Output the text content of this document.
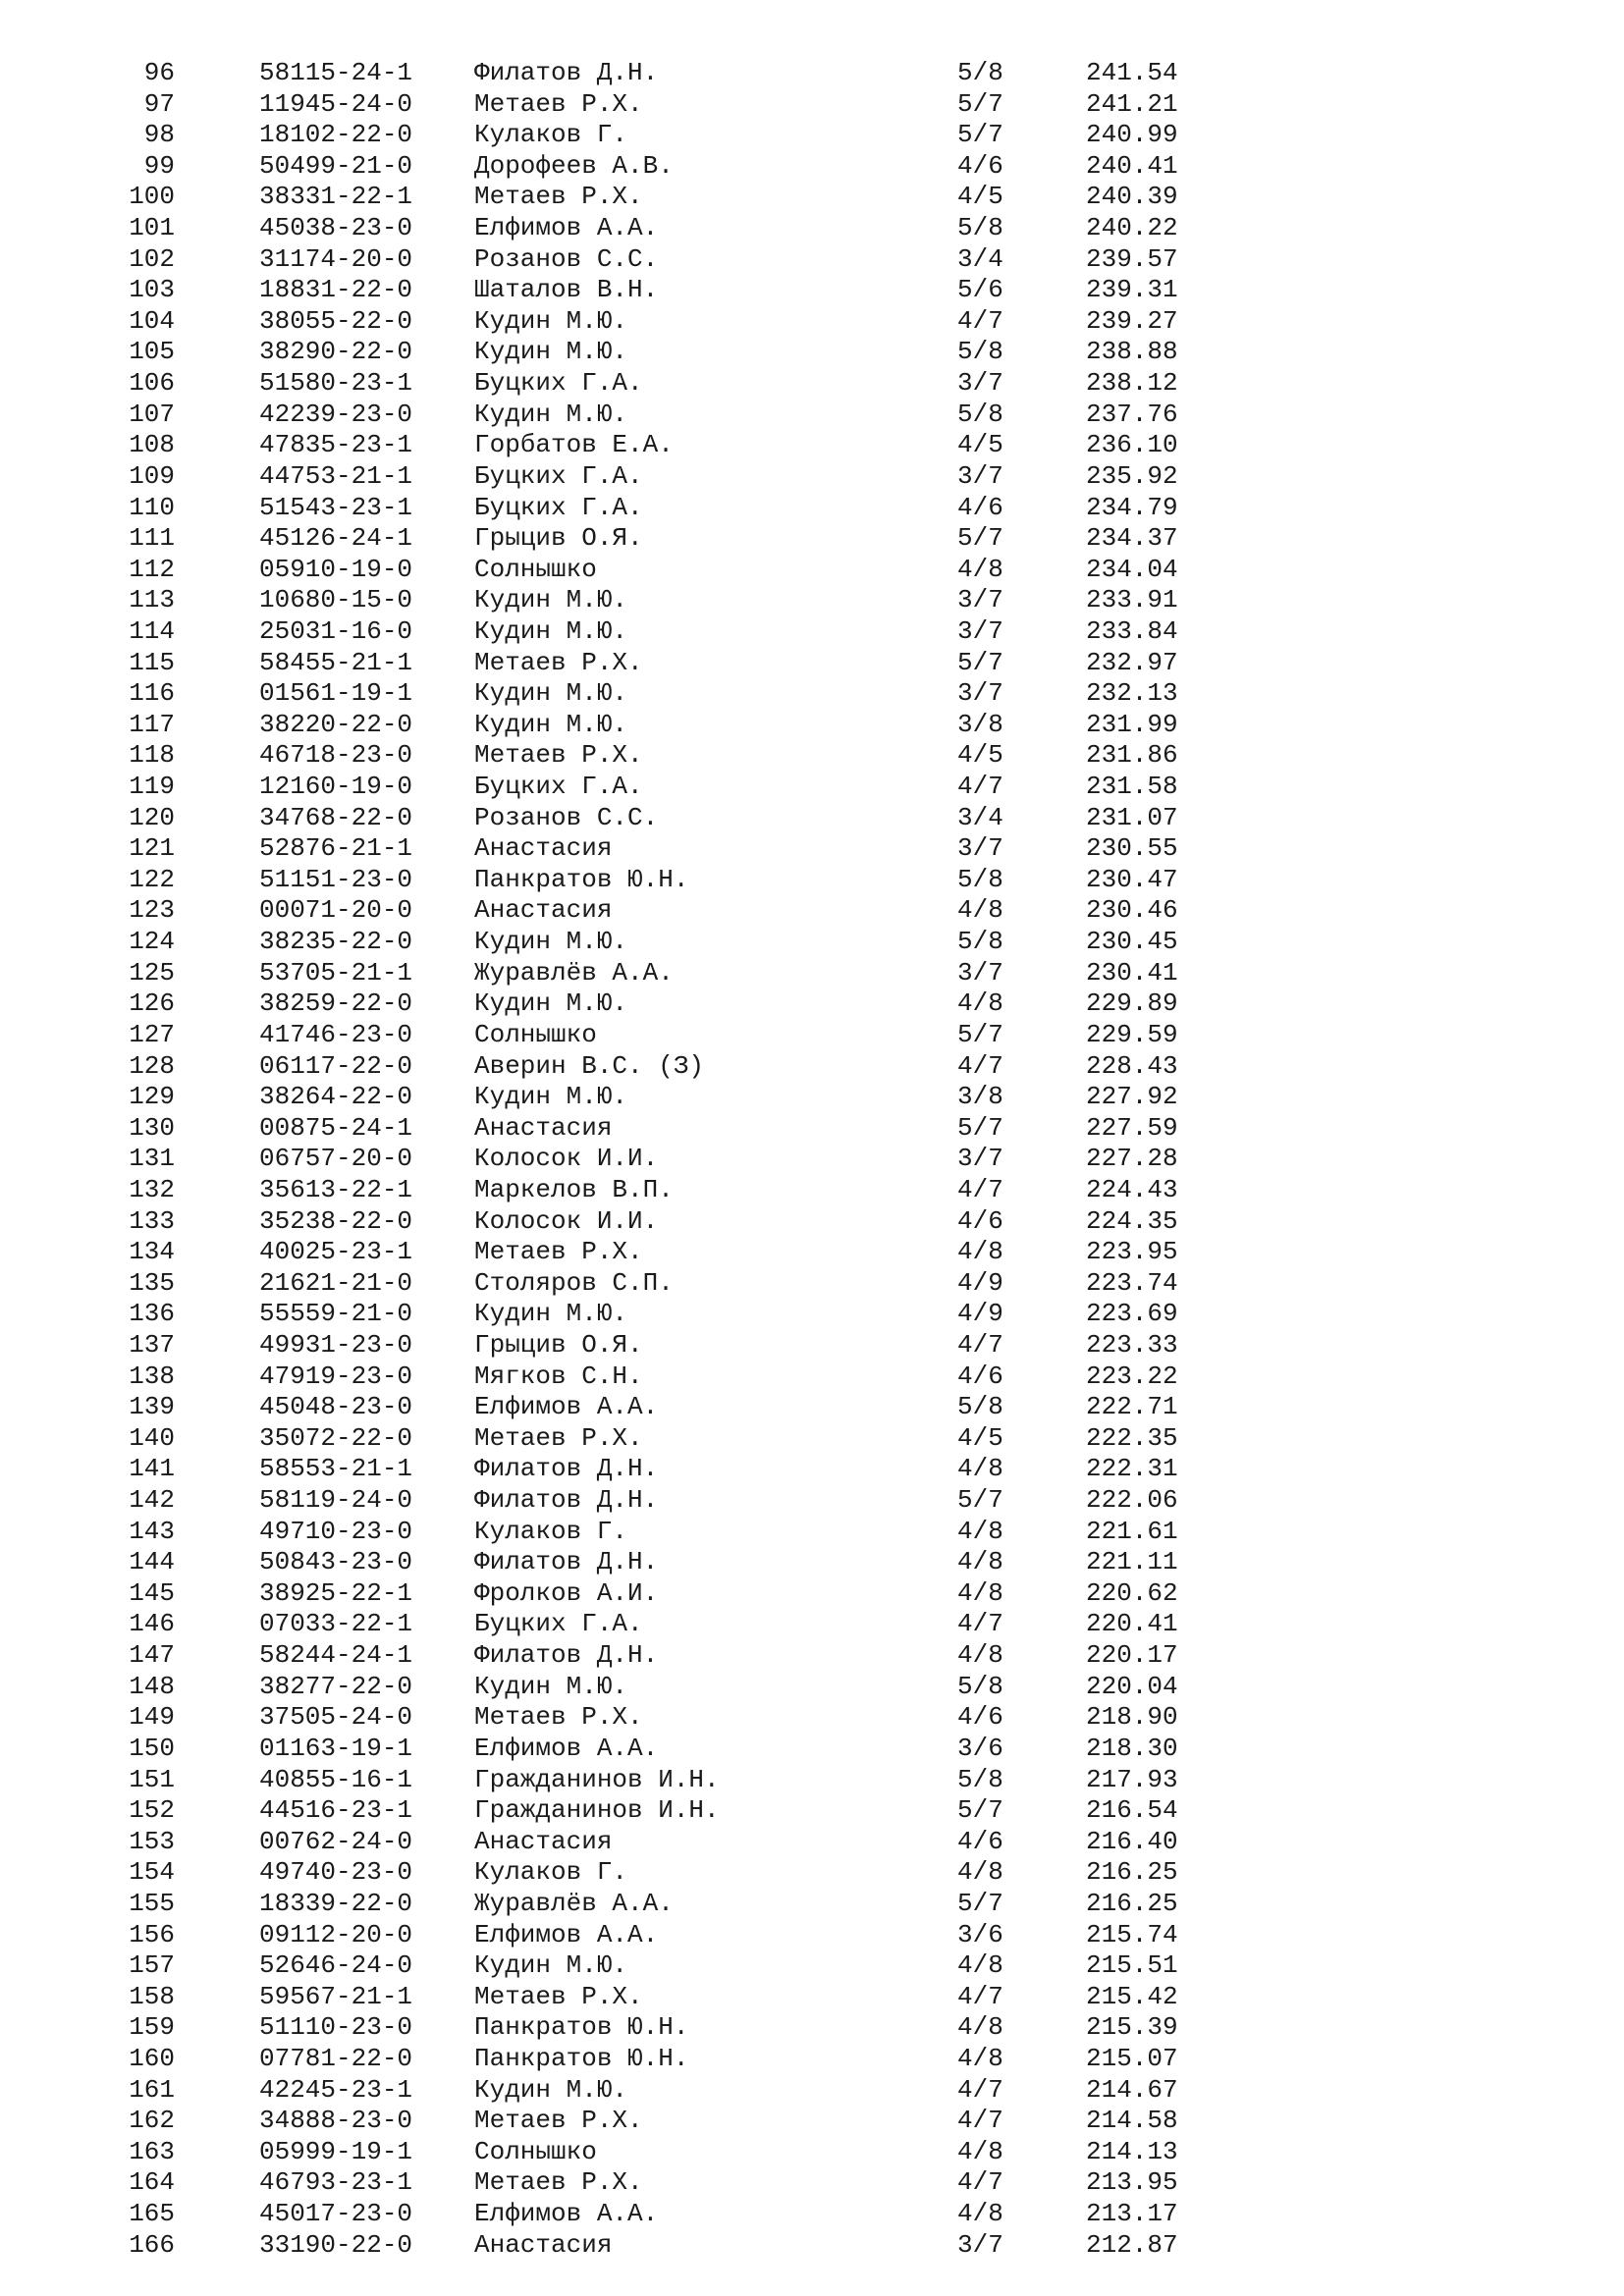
96	58115-24-1 Филатов Д.Н.	5/8	241.54
97	11945-24-0 Метаев Р.Х.	5/7	241.21
98	18102-22-0 Кулаков Г.	5/7	240.99
99	50499-21-0 Дорофеев А.В.	4/6	240.41
100	38331-22-1 Метаев Р.Х.	4/5	240.39
101	45038-23-0 Елфимов А.А.	5/8	240.22
102	31174-20-0 Розанов С.С.	3/4	239.57
103	18831-22-0 Шаталов В.Н.	5/6	239.31
104	38055-22-0 Кудин М.Ю.	4/7	239.27
105	38290-22-0 Кудин М.Ю.	5/8	238.88
106	51580-23-1 Буцких Г.А.	3/7	238.12
107	42239-23-0 Кудин М.Ю.	5/8	237.76
108	47835-23-1 Горбатов Е.А.	4/5	236.10
109	44753-21-1 Буцких Г.А.	3/7	235.92
110	51543-23-1 Буцких Г.А.	4/6	234.79
111	45126-24-1 Грыцив О.Я.	5/7	234.37
112	05910-19-0 Солнышко	4/8	234.04
113	10680-15-0 Кудин М.Ю.	3/7	233.91
114	25031-16-0 Кудин М.Ю.	3/7	233.84
115	58455-21-1 Метаев Р.Х.	5/7	232.97
116	01561-19-1 Кудин М.Ю.	3/7	232.13
117	38220-22-0 Кудин М.Ю.	3/8	231.99
118	46718-23-0 Метаев Р.Х.	4/5	231.86
119	12160-19-0 Буцких Г.А.	4/7	231.58
120	34768-22-0 Розанов С.С.	3/4	231.07
121	52876-21-1 Анастасия	3/7	230.55
122	51151-23-0 Панкратов Ю.Н.	5/8	230.47
123	00071-20-0 Анастасия	4/8	230.46
124	38235-22-0 Кудин М.Ю.	5/8	230.45
125	53705-21-1 Журавлёв А.А.	3/7	230.41
126	38259-22-0 Кудин М.Ю.	4/8	229.89
127	41746-23-0 Солнышко	5/7	229.59
128	06117-22-0 Аверин В.С. (З)	4/7	228.43
129	38264-22-0 Кудин М.Ю.	3/8	227.92
130	00875-24-1 Анастасия	5/7	227.59
131	06757-20-0 Колосок И.И.	3/7	227.28
132	35613-22-1 Маркелов В.П.	4/7	224.43
133	35238-22-0 Колосок И.И.	4/6	224.35
134	40025-23-1 Метаев Р.Х.	4/8	223.95
135	21621-21-0 Столяров С.П.	4/9	223.74
136	55559-21-0 Кудин М.Ю.	4/9	223.69
137	49931-23-0 Грыцив О.Я.	4/7	223.33
138	47919-23-0 Мягков С.Н.	4/6	223.22
139	45048-23-0 Елфимов А.А.	5/8	222.71
140	35072-22-0 Метаев Р.Х.	4/5	222.35
141	58553-21-1 Филатов Д.Н.	4/8	222.31
142	58119-24-0 Филатов Д.Н.	5/7	222.06
143	49710-23-0 Кулаков Г.	4/8	221.61
144	50843-23-0 Филатов Д.Н.	4/8	221.11
145	38925-22-1 Фролков А.И.	4/8	220.62
146	07033-22-1 Буцких Г.А.	4/7	220.41
147	58244-24-1 Филатов Д.Н.	4/8	220.17
148	38277-22-0 Кудин М.Ю.	5/8	220.04
149	37505-24-0 Метаев Р.Х.	4/6	218.90
150	01163-19-1 Елфимов А.А.	3/6	218.30
151	40855-16-1 Гражданинов И.Н.	5/8	217.93
152	44516-23-1 Гражданинов И.Н.	5/7	216.54
153	00762-24-0 Анастасия	4/6	216.40
154	49740-23-0 Кулаков Г.	4/8	216.25
155	18339-22-0 Журавлёв А.А.	5/7	216.25
156	09112-20-0 Елфимов А.А.	3/6	215.74
157	52646-24-0 Кудин М.Ю.	4/8	215.51
158	59567-21-1 Метаев Р.Х.	4/7	215.42
159	51110-23-0 Панкратов Ю.Н.	4/8	215.39
160	07781-22-0 Панкратов Ю.Н.	4/8	215.07
161	42245-23-1 Кудин М.Ю.	4/7	214.67
162	34888-23-0 Метаев Р.Х.	4/7	214.58
163	05999-19-1 Солнышко	4/8	214.13
164	46793-23-1 Метаев Р.Х.	4/7	213.95
165	45017-23-0 Елфимов А.А.	4/8	213.17
166	33190-22-0 Анастасия	3/7	212.87
